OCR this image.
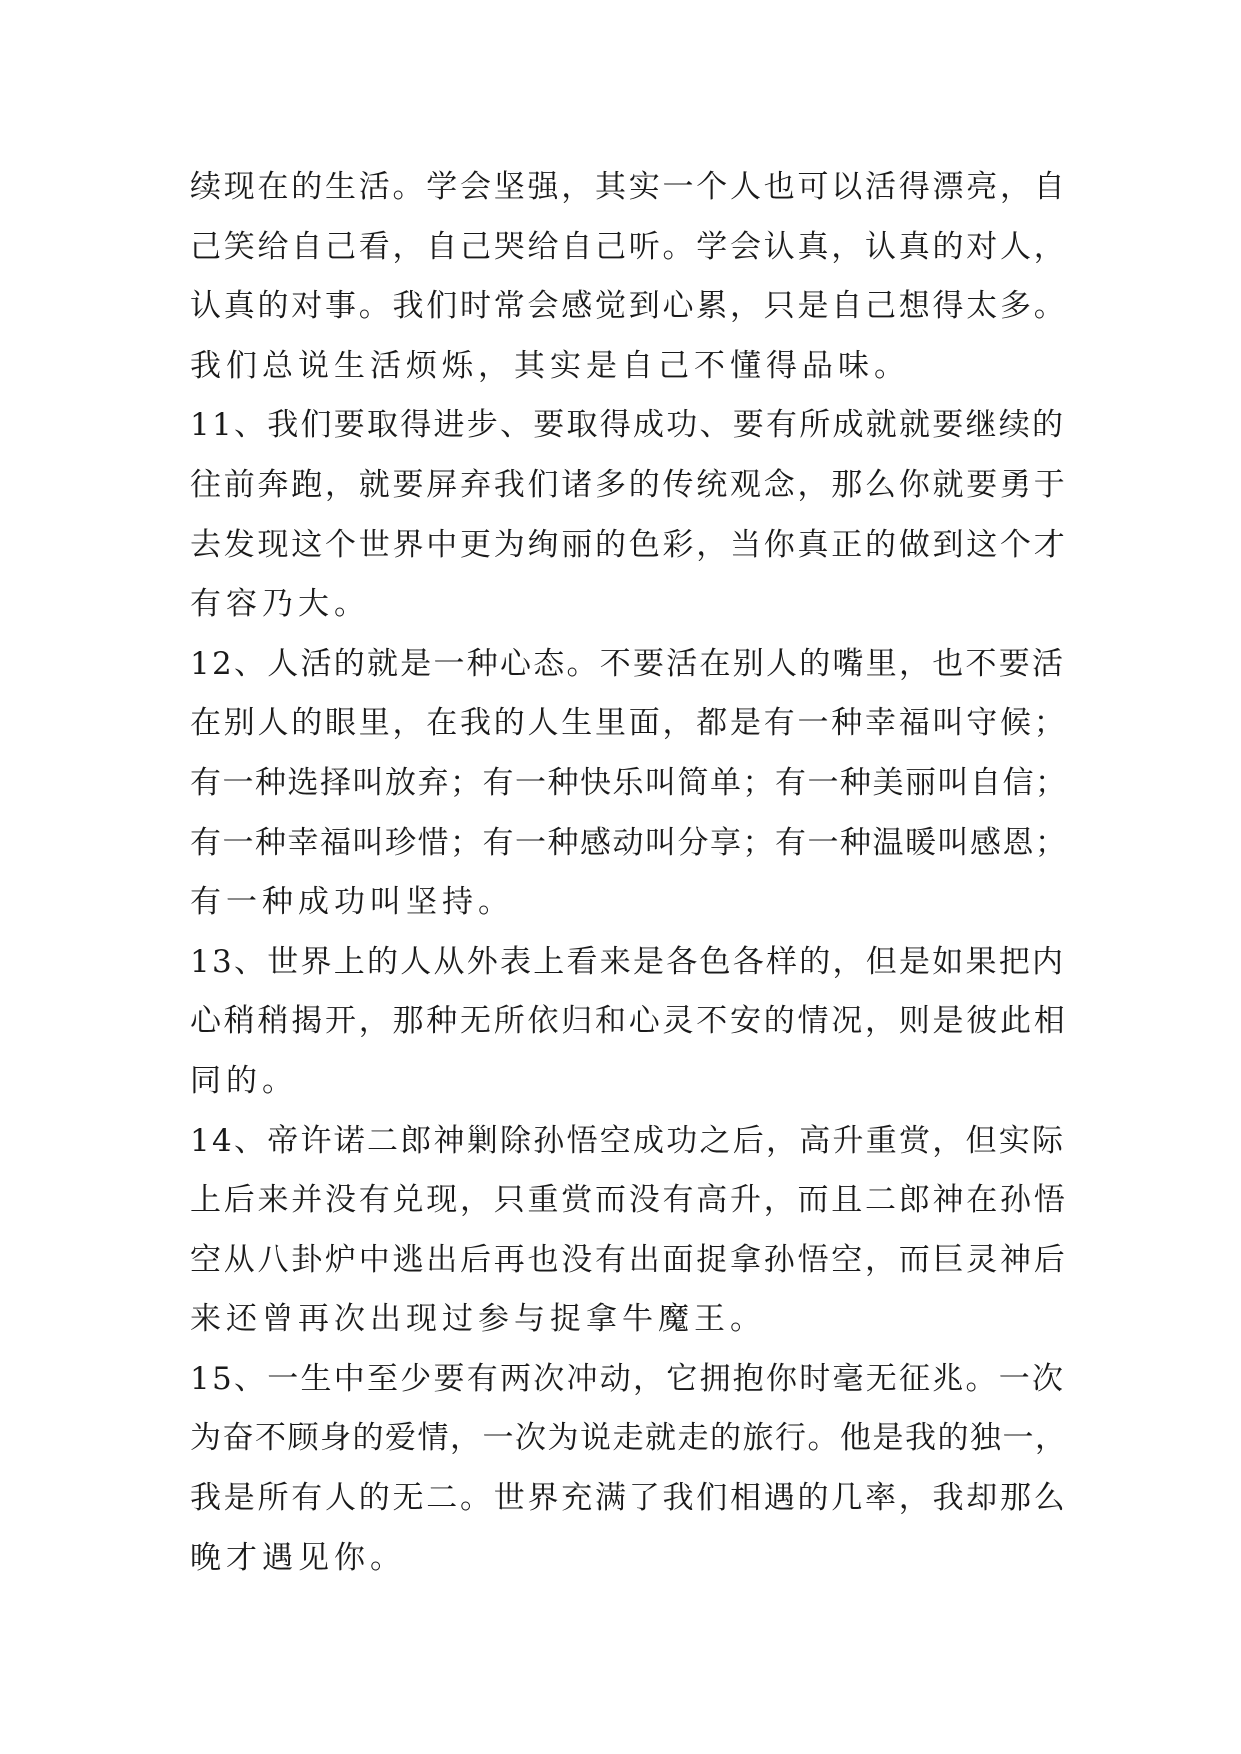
续现在的生活。学会坚强，其实一个人也可以活得漂亮，自
己笑给自己看，自己哭给自己听。学会认真，认真的对人，
认真的对事。我们时常会感觉到心累，只是自己想得太多。
我们总说生活烦烁，其实是自己不懂得品味。
11、我们要取得进步、要取得成功、要有所成就就要继续的
往前奔跑，就要屏弃我们诸多的传统观念，那么你就要勇于
去发现这个世界中更为绚丽的色彩，当你真正的做到这个才
有容乃大。
12、人活的就是一种心态。不要活在别人的嘴里，也不要活
在别人的眼里，在我的人生里面，都是有一种幸福叫守候；
有一种选择叫放弃；有一种快乐叫简单；有一种美丽叫自信；
有一种幸福叫珍惜；有一种感动叫分享；有一种温暖叫感恩；
有一种成功叫坚持。
13、世界上的人从外表上看来是各色各样的，但是如果把内
心稍稍揭开，那种无所依归和心灵不安的情况，则是彼此相
同的。
14、帝许诺二郎神剿除孙悟空成功之后，高升重赏，但实际
上后来并没有兑现，只重赏而没有高升，而且二郎神在孙悟
空从八卦炉中逃出后再也没有出面捉拿孙悟空，而巨灵神后
来还曾再次出现过参与捉拿牛魔王。
15、一生中至少要有两次冲动，它拥抱你时毫无征兆。一次
为奋不顾身的爱情，一次为说走就走的旅行。他是我的独一，
我是所有人的无二。世界充满了我们相遇的几率，我却那么
晚才遇见你。
